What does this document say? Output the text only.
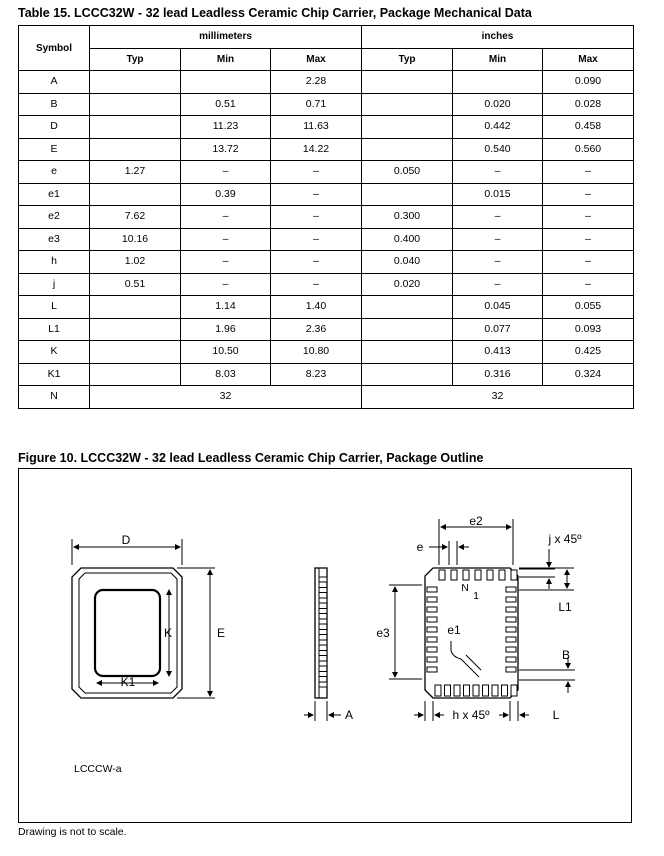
Table 15. LCCC32W - 32 lead Leadless Ceramic Chip Carrier, Package Mechanical Data
Symbol	millimeters			inches		
	Typ	Min	Max	Typ	Min	Max
A			2.28			0.090
B		0.51	0.71		0.020	0.028
D		11.23	11.63		0.442	0.458
E		13.72	14.22		0.540	0.560
e	1.27	–	–	0.050	–	–
e1		0.39	–		0.015	–
e2	7.62	–	–	0.300	–	–
e3	10.16	–	–	0.400	–	–
h	1.02	–	–	0.040	–	–
j	0.51	–	–	0.020	–	–
L		1.14	1.40		0.045	0.055
L1		1.96	2.36		0.077	0.093
K		10.50	10.80		0.413	0.425
K1		8.03	8.23		0.316	0.324
N	32			32		
Figure 10. LCCC32W - 32 lead Leadless Ceramic Chip Carrier, Package Outline
D
E
K
K1
A
e2
e
j x 45º
N
1
L1
e3	e1
B
h x 45º	L
LCCCW-a
Drawing is not to scale.
